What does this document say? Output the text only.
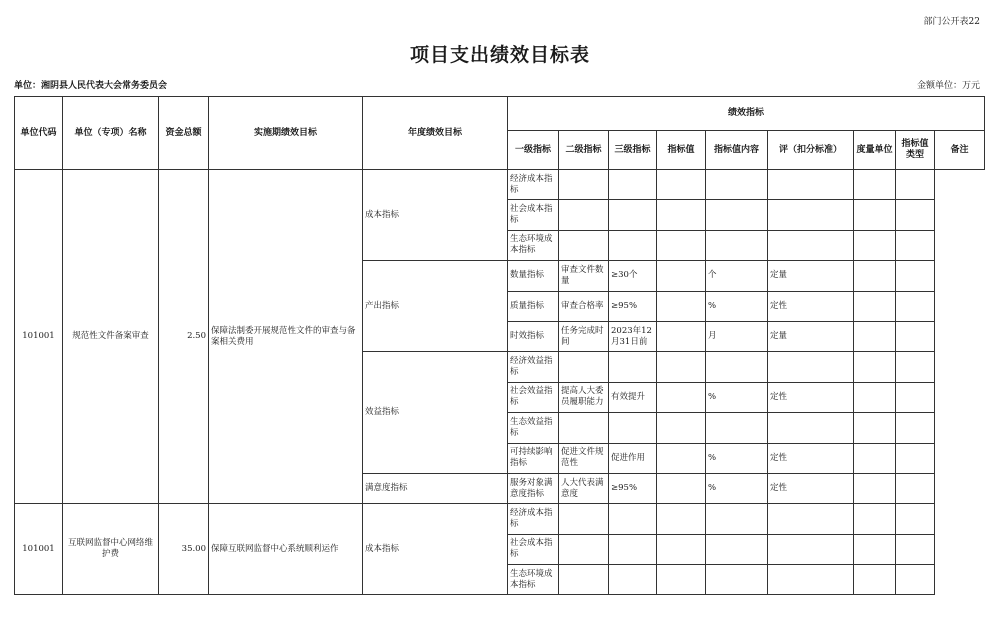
部门公开表22
项目支出绩效目标表
单位：湘阴县人民代表大会常务委员会	金额单位：万元
单位代码	单位（专项）名称	资金总额	实施期绩效目标	年度绩效目标	绩效指标								
					一级指标	二级指标	三级指标	指标值	指标值内容	评（扣分标准）	度量单位	指标值类型	备注
101001	规范性文件备案审查	2.50	保障法制委开展规范性文件的审查与备案相关费用	成本指标	经济成本指标								
					社会成本指标								
					生态环境成本指标								
				产出指标	数量指标	审查文件数量	≥30个		个	定量			
					质量指标	审查合格率	≥95%		%	定性			
					时效指标	任务完成时间	2023年12月31日前		月	定量			
				效益指标	经济效益指标								
					社会效益指标	提高人大委员履职能力	有效提升		%	定性			
					生态效益指标								
					可持续影响指标	促进文件规范性	促进作用		%	定性			
				满意度指标	服务对象满意度指标	人大代表满意度	≥95%		%	定性			
101001	互联网监督中心网络维护费	35.00	保障互联网监督中心系统顺利运作	成本指标	经济成本指标								
					社会成本指标								
					生态环境成本指标								
